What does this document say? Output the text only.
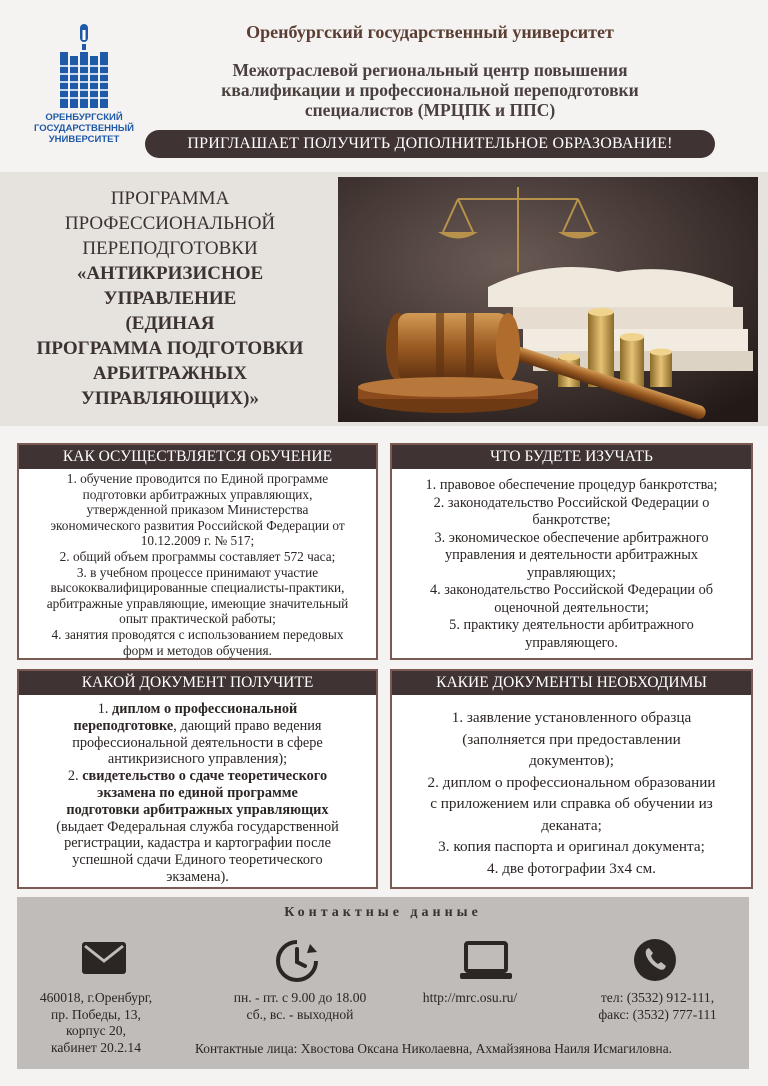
ОРЕНБУРГСКИЙ
ГОСУДАРСТВЕННЫЙ
УНИВЕРСИТЕТ
Оренбургский государственный университет
Межотраслевой региональный центр повышения
квалификации и профессиональной переподготовки
специалистов (МРЦПК и ППС)
ПРИГЛАШАЕТ ПОЛУЧИТЬ ДОПОЛНИТЕЛЬНОЕ ОБРАЗОВАНИЕ!
ПРОГРАММА
ПРОФЕССИОНАЛЬНОЙ
ПЕРЕПОДГОТОВКИ
«АНТИКРИЗИСНОЕ
УПРАВЛЕНИЕ
(ЕДИНАЯ
ПРОГРАММА ПОДГОТОВКИ
АРБИТРАЖНЫХ
УПРАВЛЯЮЩИХ)»
КАК ОСУЩЕСТВЛЯЕТСЯ ОБУЧЕНИЕ
1. обучение проводится по Единой программе
подготовки арбитражных управляющих,
утвержденной приказом Министерства
экономического развития Российской Федерации от
10.12.2009 г. № 517;
2. общий объем программы составляет 572 часа;
3. в учебном процессе принимают участие
высококвалифицированные специалисты-практики,
арбитражные управляющие, имеющие значительный
опыт практической работы;
4. занятия проводятся с использованием передовых
форм и методов обучения.
ЧТО БУДЕТЕ ИЗУЧАТЬ
1. правовое обеспечение процедур банкротства;
2. законодательство Российской Федерации о
банкротстве;
3. экономическое обеспечение арбитражного
управления и деятельности арбитражных
управляющих;
4. законодательство Российской Федерации об
оценочной деятельности;
5. практику деятельности арбитражного
управляющего.
КАКОЙ ДОКУМЕНТ ПОЛУЧИТЕ
1. диплом о профессиональной
переподготовке, дающий право ведения
профессиональной деятельности в сфере
антикризисного управления);
2. свидетельство о сдаче теоретического
экзамена по единой программе
подготовки арбитражных управляющих
(выдает Федеральная служба государственной
регистрации, кадастра и картографии после
успешной сдачи Единого теоретического
экзамена).
КАКИЕ ДОКУМЕНТЫ НЕОБХОДИМЫ
1. заявление установленного образца
(заполняется при предоставлении
документов);
2. диплом о профессиональном образовании
с приложением или справка об обучении из
деканата;
3. копия паспорта и оригинал документа;
4. две фотографии 3х4 см.
Контактные данные
460018, г.Оренбург,
пр. Победы, 13,
корпус 20,
кабинет 20.2.14
пн. - пт. с 9.00 до 18.00
сб., вс. - выходной
http://mrc.osu.ru/	тел: (3532) 912-111,
факс: (3532) 777-111
Контактные лица: Хвостова Оксана Николаевна, Ахмайзянова Наиля Исмагиловна.
